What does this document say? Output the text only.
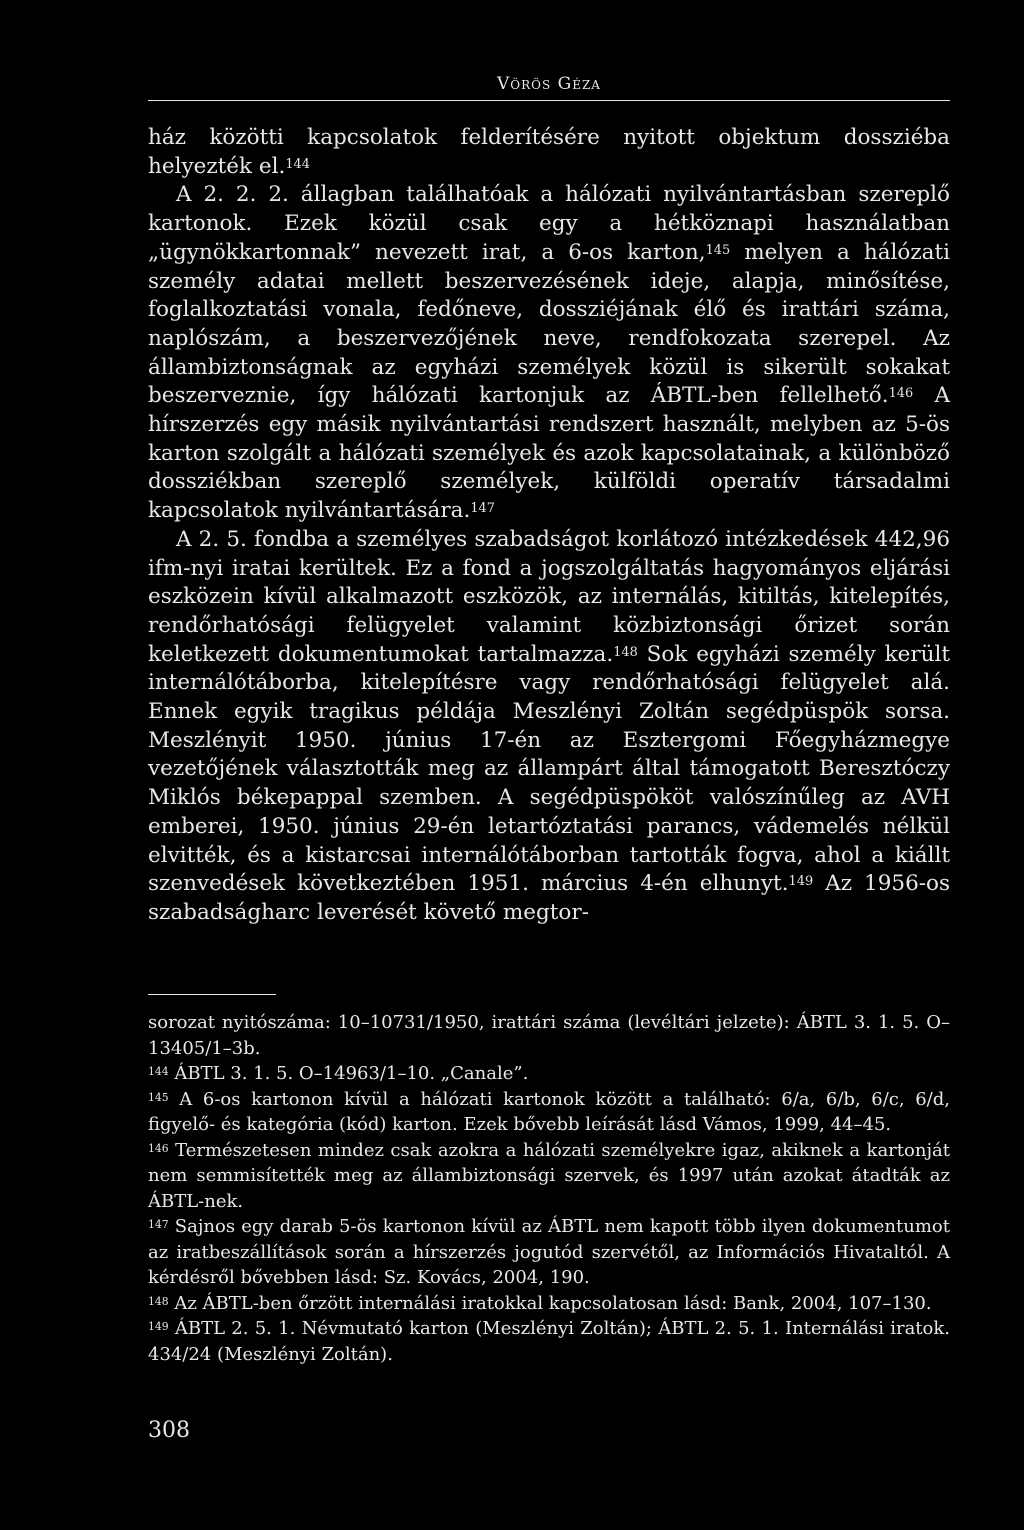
Vörös Géza

ház közötti kapcsolatok felderítésére nyitott objektum dossziéba helyezték el.$^{144}$

A 2. 2. 2. állagban találhatóak a hálózati nyilvántartásban szereplő kartonok. Ezek közül csak egy a hétköznapi használatban „ügynökkartonnak” nevezett irat, a 6-os karton,$^{145}$ melyen a hálózati személy adatai mellett beszervezésének ideje, alapja, minősítése, foglalkoztatási vonala, fedőneve, dossziéjának élő és irattári száma, naplószám, a beszervezőjének neve, rendfokozata szerepel. Az állambiztonságnak az egyházi személyek közül is sikerült sokakat beszerveznie, így hálózati kartonjuk az ÁBTL-ben fellelhető.$^{146}$ A hírszerzés egy másik nyilvántartási rendszert használt, melyben az 5-ös karton szolgált a hálózati személyek és azok kapcsolatainak, a különböző dossziékban szereplő személyek, külföldi operatív társadalmi kapcsolatok nyilvántartására.$^{147}$

A 2. 5. fondba a személyes szabadságot korlátozó intézkedések 442,96 ifm-nyi iratai kerültek. Ez a fond a jogszolgáltatás hagyományos eljárási eszközein kívül alkalmazott eszközök, az internálás, kitiltás, kitelepítés, rendőrhatósági felügyelet valamint közbiztonsági őrizet során keletkezett dokumentumokat tartalmazza.$^{148}$ Sok egyházi személy került internálótáborba, kitelepítésre vagy rendőrhatósági felügyelet alá. Ennek egyik tragikus példája Meszlényi Zoltán segédpüspök sorsa. Meszlényit 1950. június 17-én az Esztergomi Főegyházmegye vezetőjének választották meg az állampárt által támogatott Beresztóczy Miklós békepappal szemben. A segédpüspököt valószínűleg az AVH emberei, 1950. június 29-én letartóztatási parancs, vádemelés nélkül elvitték, és a kistarcsai internálótáborban tartották fogva, ahol a kiállt szenvedések következtében 1951. március 4-én elhunyt.$^{149}$ Az 1956-os szabadságharc leverését követő megtor-

sorozat nyitószáma: 10–10731/1950, irattári száma (levéltári jelzete): ÁBTL 3. 1. 5. O–13405/1–3b.

$^{144}$ ÁBTL 3. 1. 5. O–14963/1–10. „Canale”.

$^{145}$ A 6-os kartonon kívül a hálózati kartonok között a található: 6/a, 6/b, 6/c, 6/d, figyelő- és kategória (kód) karton. Ezek bővebb leírását lásd Vámos, 1999, 44–45.

$^{146}$ Természetesen mindez csak azokra a hálózati személyekre igaz, akiknek a kartonját nem semmisítették meg az állambiztonsági szervek, és 1997 után azokat átadták az ÁBTL-nek.

$^{147}$ Sajnos egy darab 5-ös kartonon kívül az ÁBTL nem kapott több ilyen dokumentumot az iratbeszállítások során a hírszerzés jogutód szervétől, az Információs Hivataltól. A kérdésről bővebben lásd: Sz. Kovács, 2004, 190.

$^{148}$ Az ÁBTL-ben őrzött internálási iratokkal kapcsolatosan lásd: Bank, 2004, 107–130.

$^{149}$ ÁBTL 2. 5. 1. Névmutató karton (Meszlényi Zoltán); ÁBTL 2. 5. 1. Internálási iratok. 434/24 (Meszlényi Zoltán).

308
